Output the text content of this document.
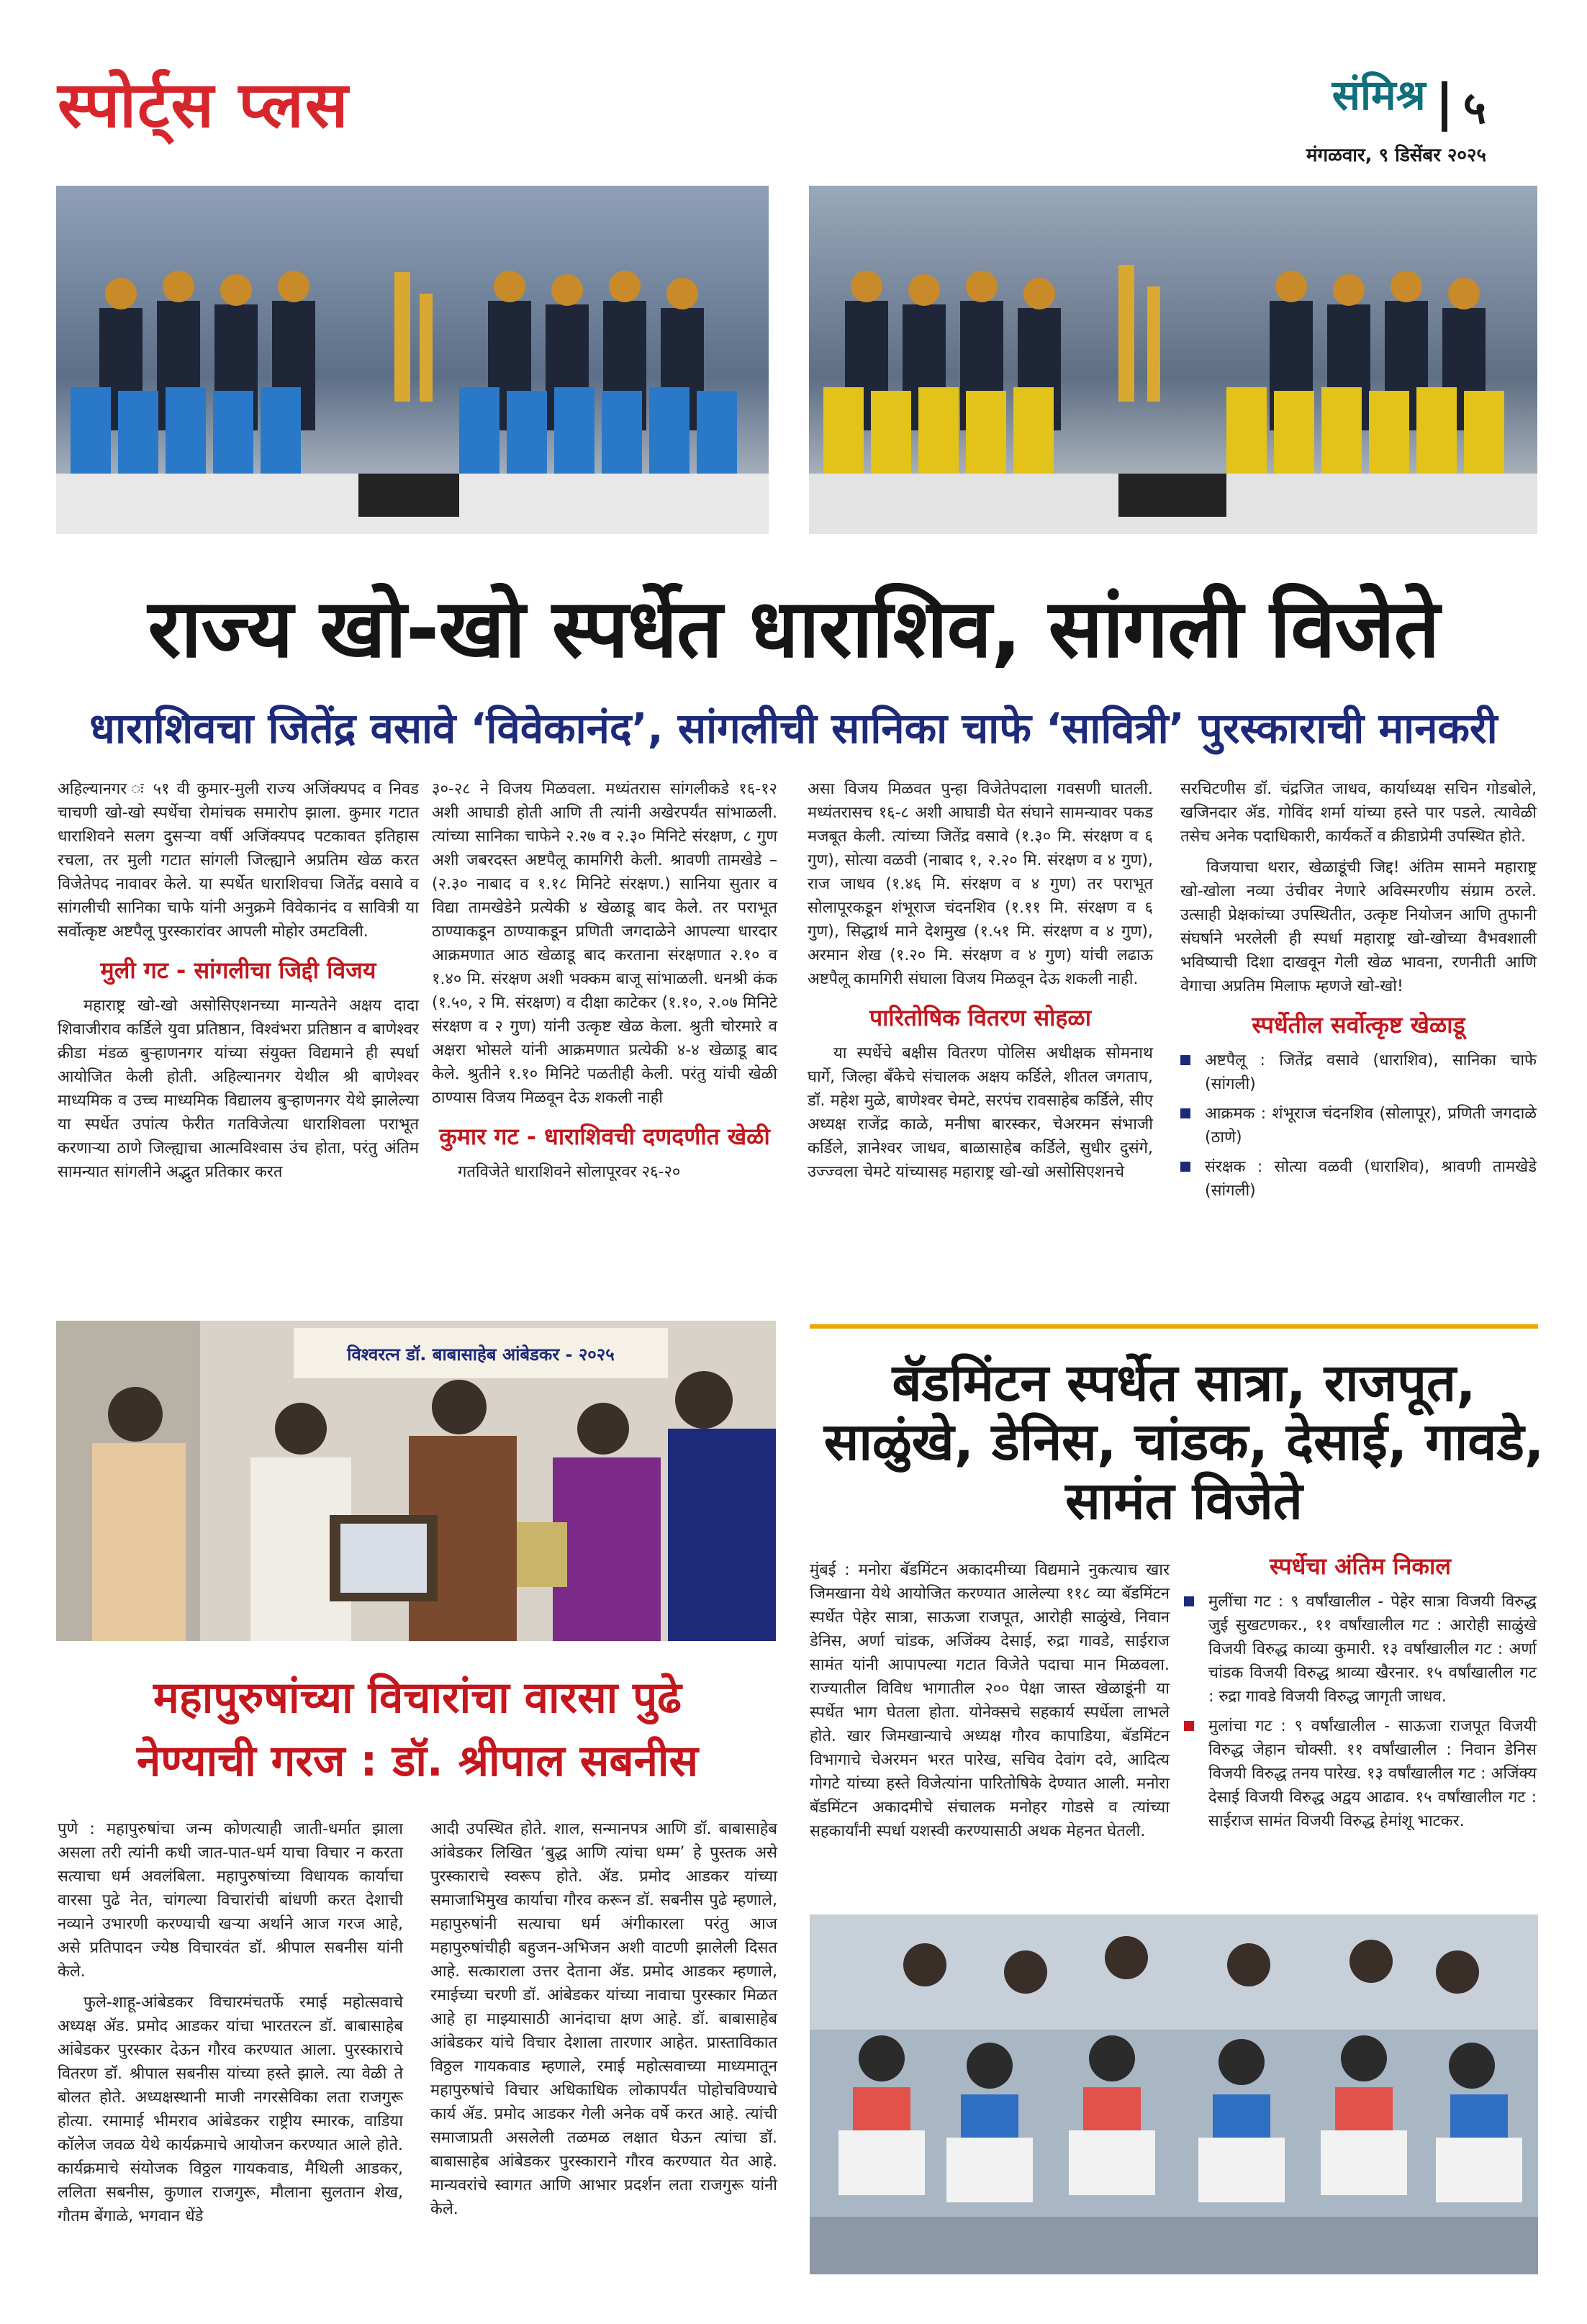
स्पोर्ट्स प्लस	संमिश्र ५
मंगळवार, ९ डिसेंबर २०२५
राज्य खो-खो स्पर्धेत धाराशिव, सांगली विजेते
धाराशिवचा जितेंद्र वसावे ‘विवेकानंद’, सांगलीची सानिका चाफे ‘सावित्री’ पुरस्काराची मानकरी

अहिल्यानगर ः ५१ वी कुमार-मुली राज्य अजिंक्यपद व निवड चाचणी खो-खो स्पर्धेचा रोमांचक समारोप झाला. कुमार गटात धाराशिवने सलग दुसऱ्या वर्षी अजिंक्यपद पटकावत इतिहास रचला, तर मुली गटात सांगली जिल्ह्याने अप्रतिम खेळ करत विजेतेपद नावावर केले. या स्पर्धेत धाराशिवचा जितेंद्र वसावे व सांगलीची सानिका चाफे यांनी अनुक्रमे विवेकानंद व सावित्री या सर्वोत्कृष्ट अष्टपैलू पुरस्कारांवर आपली मोहोर उमटविली.

मुली गट - सांगलीचा जिद्दी विजय

महाराष्ट्र खो-खो असोसिएशनच्या मान्यतेने अक्षय दादा शिवाजीराव कर्डिले युवा प्रतिष्ठान, विश्वंभरा प्रतिष्ठान व बाणेश्वर क्रीडा मंडळ बुऱ्हाणनगर यांच्या संयुक्त विद्यमाने ही स्पर्धा आयोजित केली होती. अहिल्यानगर येथील श्री बाणेश्वर माध्यमिक व उच्च माध्यमिक विद्यालय बुऱ्हाणनगर येथे झालेल्या या स्पर्धेत उपांत्य फेरीत गतविजेत्या धाराशिवला पराभूत करणाऱ्या ठाणे जिल्ह्याचा आत्मविश्वास उंच होता, परंतु अंतिम सामन्यात सांगलीने अद्भुत प्रतिकार करत

३०-२८ ने विजय मिळवला. मध्यंतरास सांगलीकडे १६-१२ अशी आघाडी होती आणि ती त्यांनी अखेरपर्यंत सांभाळली. त्यांच्या सानिका चाफेने २.२७ व २.३० मिनिटे संरक्षण, ८ गुण अशी जबरदस्त अष्टपैलू कामगिरी केली. श्रावणी तामखेडे – (२.३० नाबाद व १.१८ मिनिटे संरक्षण.) सानिया सुतार व विद्या तामखेडेने प्रत्येकी ४ खेळाडू बाद केले. तर पराभूत ठाण्याकडून ठाण्याकडून प्रणिती जगदाळेने आपल्या धारदार आक्रमणात आठ खेळाडू बाद करताना संरक्षणात २.१० व १.४० मि. संरक्षण अशी भक्कम बाजू सांभाळली. धनश्री कंक (१.५०, २ मि. संरक्षण) व दीक्षा काटेकर (१.१०, २.०७ मिनिटे संरक्षण व २ गुण) यांनी उत्कृष्ट खेळ केला. श्रुती चोरमारे व अक्षरा भोसले यांनी आक्रमणात प्रत्येकी ४-४ खेळाडू बाद केले. श्रुतीने १.१० मिनिटे पळतीही केली. परंतु यांची खेळी ठाण्यास विजय मिळवून देऊ शकली नाही

कुमार गट - धाराशिवची दणदणीत खेळी

गतविजेते धाराशिवने सोलापूरवर २६-२०

असा विजय मिळवत पुन्हा विजेतेपदाला गवसणी घातली. मध्यंतरासच १६-८ अशी आघाडी घेत संघाने सामन्यावर पकड मजबूत केली. त्यांच्या जितेंद्र वसावे (१.३० मि. संरक्षण व ६ गुण), सोत्या वळवी (नाबाद १, २.२० मि. संरक्षण व ४ गुण), राज जाधव (१.४६ मि. संरक्षण व ४ गुण) तर पराभूत सोलापूरकडून शंभूराज चंदनशिव (१.११ मि. संरक्षण व ६ गुण), सिद्धार्थ माने देशमुख (१.५१ मि. संरक्षण व ४ गुण), अरमान शेख (१.२० मि. संरक्षण व ४ गुण) यांची लढाऊ अष्टपैलू कामगिरी संघाला विजय मिळवून देऊ शकली नाही.

पारितोषिक वितरण सोहळा

या स्पर्धेचे बक्षीस वितरण पोलिस अधीक्षक सोमनाथ घार्गे, जिल्हा बँकेचे संचालक अक्षय कर्डिले, शीतल जगताप, डॉ. महेश मुळे, बाणेश्वर चेमटे, सरपंच रावसाहेब कर्डिले, सीए अध्यक्ष राजेंद्र काळे, मनीषा बारस्कर, चेअरमन संभाजी कर्डिले, ज्ञानेश्वर जाधव, बाळासाहेब कर्डिले, सुधीर दुसंगे, उज्ज्वला चेमटे यांच्यासह महाराष्ट्र खो-खो असोसिएशनचे

सरचिटणीस डॉ. चंद्रजित जाधव, कार्याध्यक्ष सचिन गोडबोले, खजिनदार ॲड. गोविंद शर्मा यांच्या हस्ते पार पडले. त्यावेळी तसेच अनेक पदाधिकारी, कार्यकर्ते व क्रीडाप्रेमी उपस्थित होते.

विजयाचा थरार, खेळाडूंची जिद्द! अंतिम सामने महाराष्ट्र खो-खोला नव्या उंचीवर नेणारे अविस्मरणीय संग्राम ठरले. उत्साही प्रेक्षकांच्या उपस्थितीत, उत्कृष्ट नियोजन आणि तुफानी संघर्षाने भरलेली ही स्पर्धा महाराष्ट्र खो-खोच्या वैभवशाली भविष्याची दिशा दाखवून गेली खेळ भावना, रणनीती आणि वेगाचा अप्रतिम मिलाफ म्हणजे खो-खो!

स्पर्धेतील सर्वोत्कृष्ट खेळाडू
अष्टपैलू : जितेंद्र वसावे (धाराशिव), सानिका चाफे (सांगली)
आक्रमक : शंभूराज चंदनशिव (सोलापूर), प्रणिती जगदाळे (ठाणे)
संरक्षक : सोत्या वळवी (धाराशिव), श्रावणी तामखेडे (सांगली)
विश्वरत्न डॉ. बाबासाहेब आंबेडकर - २०२५	बॅडमिंटन स्पर्धेत सात्रा, राजपूत, साळुंखे, डेनिस, चांडक, देसाई, गावडे, सामंत विजेते

मुंबई : मनोरा बॅडमिंटन अकादमीच्या विद्यमाने नुकत्याच खार जिमखाना येथे आयोजित करण्यात आलेल्या ११८ व्या बॅडमिंटन स्पर्धेत पेहेर सात्रा, साऊजा राजपूत, आरोही साळुंखे, निवान डेनिस, अर्णा चांडक, अजिंक्य देसाई, रुद्रा गावडे, साईराज सामंत यांनी आपापल्या गटात विजेते पदाचा मान मिळवला. राज्यातील विविध भागातील २०० पेक्षा जास्त खेळाडूंनी या स्पर्धेत भाग घेतला होता. योनेक्सचे सहकार्य स्पर्धेला लाभले होते. खार जिमखान्याचे अध्यक्ष गौरव कापाडिया, बॅडमिंटन विभागाचे चेअरमन भरत पारेख, सचिव देवांग दवे, आदित्य गोगटे यांच्या हस्ते विजेत्यांना पारितोषिके देण्यात आली. मनोरा बॅडमिंटन अकादमीचे संचालक मनोहर गोडसे व त्यांच्या सहकार्यांनी स्पर्धा यशस्वी करण्यासाठी अथक मेहनत घेतली.

स्पर्धेचा अंतिम निकाल
मुलींचा गट : ९ वर्षांखालील - पेहेर सात्रा विजयी विरुद्ध जुई सुखटणकर., ११ वर्षांखालील गट : आरोही साळुंखे विजयी विरुद्ध काव्या कुमारी. १३ वर्षांखालील गट : अर्णा चांडक विजयी विरुद्ध श्राव्या खैरनार. १५ वर्षांखालील गट : रुद्रा गावडे विजयी विरुद्ध जागृती जाधव.
मुलांचा गट : ९ वर्षांखालील - साऊजा राजपूत विजयी विरुद्ध जेहान चोक्सी. ११ वर्षांखालील : निवान डेनिस विजयी विरुद्ध तनय पारेख. १३ वर्षांखालील गट : अजिंक्य देसाई विजयी विरुद्ध अद्वय आढाव. १५ वर्षांखालील गट : साईराज सामंत विजयी विरुद्ध हेमांशू भाटकर.
महापुरुषांच्या विचारांचा वारसा पुढे
नेण्याची गरज : डॉ. श्रीपाल सबनीस

पुणे : महापुरुषांचा जन्म कोणत्याही जाती-धर्मात झाला असला तरी त्यांनी कधी जात-पात-धर्म याचा विचार न करता सत्याचा धर्म अवलंबिला. महापुरुषांच्या विधायक कार्याचा वारसा पुढे नेत, चांगल्या विचारांची बांधणी करत देशाची नव्याने उभारणी करण्याची खऱ्या अर्थाने आज गरज आहे, असे प्रतिपादन ज्येष्ठ विचारवंत डॉ. श्रीपाल सबनीस यांनी केले.

फुले-शाहू-आंबेडकर विचारमंचतर्फे रमाई महोत्सवाचे अध्यक्ष ॲड. प्रमोद आडकर यांचा भारतरत्न डॉ. बाबासाहेब आंबेडकर पुरस्कार देऊन गौरव करण्यात आला. पुरस्काराचे वितरण डॉ. श्रीपाल सबनीस यांच्या हस्ते झाले. त्या वेळी ते बोलत होते. अध्यक्षस्थानी माजी नगरसेविका लता राजगुरू होत्या. रमामाई भीमराव आंबेडकर राष्ट्रीय स्मारक, वाडिया कॉलेज जवळ येथे कार्यक्रमाचे आयोजन करण्यात आले होते. कार्यक्रमाचे संयोजक विठ्ठल गायकवाड, मैथिली आडकर, ललिता सबनीस, कुणाल राजगुरू, मौलाना सुलतान शेख, गौतम बेंगाळे, भगवान धेंडे

आदी उपस्थित होते. शाल, सन्मानपत्र आणि डॉ. बाबासाहेब आंबेडकर लिखित ‘बुद्ध आणि त्यांचा धम्म’ हे पुस्तक असे पुरस्काराचे स्वरूप होते. ॲड. प्रमोद आडकर यांच्या समाजाभिमुख कार्याचा गौरव करून डॉ. सबनीस पुढे म्हणाले, महापुरुषांनी सत्याचा धर्म अंगीकारला परंतु आज महापुरुषांचीही बहुजन-अभिजन अशी वाटणी झालेली दिसत आहे. सत्काराला उत्तर देताना ॲड. प्रमोद आडकर म्हणाले, रमाईच्या चरणी डॉ. आंबेडकर यांच्या नावाचा पुरस्कार मिळत आहे हा माझ्यासाठी आनंदाचा क्षण आहे. डॉ. बाबासाहेब आंबेडकर यांचे विचार देशाला तारणार आहेत. प्रास्ताविकात विठ्ठल गायकवाड म्हणाले, रमाई महोत्सवाच्या माध्यमातून महापुरुषांचे विचार अधिकाधिक लोकापर्यंत पोहोचविण्याचे कार्य ॲड. प्रमोद आडकर गेली अनेक वर्षे करत आहे. त्यांची समाजाप्रती असलेली तळमळ लक्षात घेऊन त्यांचा डॉ. बाबासाहेब आंबेडकर पुरस्काराने गौरव करण्यात येत आहे. मान्यवरांचे स्वागत आणि आभार प्रदर्शन लता राजगुरू यांनी केले.
